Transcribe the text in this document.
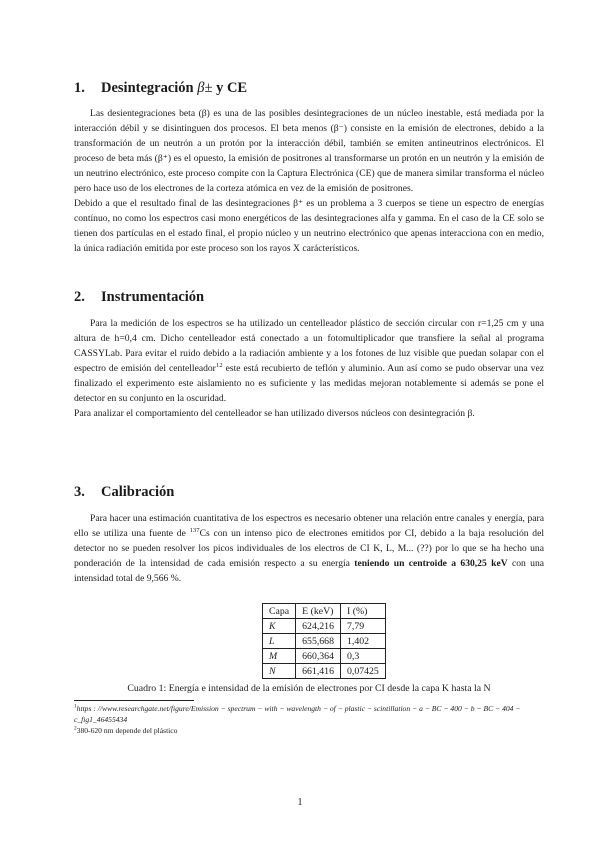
1. Desintegración β± y CE

Las desientegraciones beta (β) es una de las posibles desintegraciones de un núcleo inestable, está mediada por la interacción débil y se disintinguen dos procesos. El beta menos (β⁻) consiste en la emisión de electrones, debido a la transformación de un neutrón a un protón por la interacción débil, también se emiten antineutrinos electrónicos. El proceso de beta más (β⁺) es el opuesto, la emisión de positrones al transformarse un protón en un neutrón y la emisión de un neutrino electrónico, este proceso compite con la Captura Electrónica (CE) que de manera similar transforma el núcleo pero hace uso de los electrones de la corteza atómica en vez de la emisión de positrones.

Debido a que el resultado final de las desintegraciones β⁺ es un problema a 3 cuerpos se tiene un espectro de energías contínuo, no como los espectros casi mono energéticos de las desintegraciones alfa y gamma. En el caso de la CE solo se tienen dos partículas en el estado final, el propio núcleo y un neutrino electrónico que apenas interacciona con en medio, la única radiación emitida por este proceso son los rayos X carácterísticos.

2. Instrumentación

Para la medición de los espectros se ha utilizado un centelleador plástico de sección circular con r=1,25 cm y una altura de h=0,4 cm. Dicho centelleador está conectado a un fotomultiplicador que transfiere la señal al programa CASSYLab. Para evitar el ruido debido a la radiación ambiente y a los fotones de luz visible que puedan solapar con el espectro de emisión del centelleador$^{12}$ este está recubierto de teflón y aluminio. Aun así como se pudo observar una vez finalizado el experimento este aislamiento no es suficiente y las medidas mejoran notablemente si además se pone el detector en su conjunto en la oscuridad.

Para analizar el comportamiento del centelleador se han utilizado diversos núcleos con desintegración β.

3. Calibración

Para hacer una estimación cuantitativa de los espectros es necesario obtener una relación entre canales y energía, para ello se utiliza una fuente de $^{137}$Cs con un intenso pico de electrones emitidos por CI, debido a la baja resolución del detector no se pueden resolver los picos individuales de los electros de CI K, L, M... (??) por lo que se ha hecho una ponderación de la intensidad de cada emisión respecto a su energía teniendo un centroide a 630,25 keV con una intensidad total de 9,566 %.

Capa	E (keV)	I (%)
K	624,216	7,79
L	655,668	1,402
M	660,364	0,3
N	661,416	0,07425
Cuadro 1: Energía e intensidad de la emisión de electrones por CI desde la capa K hasta la N

$^1$https : //www.researchgate.net/figure/Emission − spectrum − with − wavelength − of − plastic − scintillation − a − BC − 400 − b − BC − 404 − c_fig1_46455434

$^2$380-620 nm depende del plástico

1
